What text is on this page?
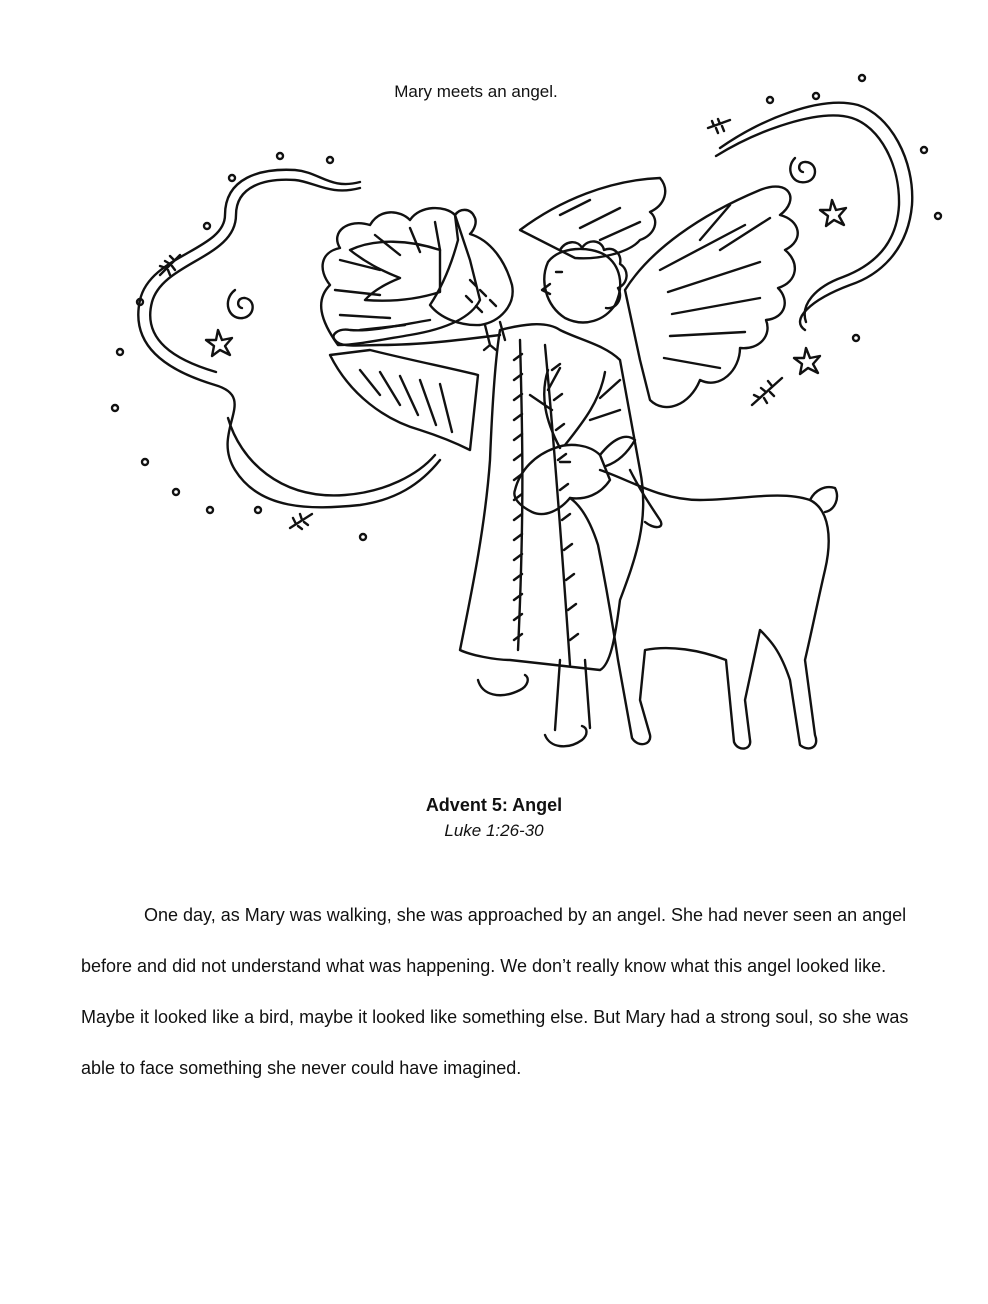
Mary meets an angel.
Advent 5: Angel
Luke 1:26-30

One day, as Mary was walking, she was approached by an angel. She had never seen an angel before and did not understand what was happening. We don’t really know what this angel looked like. Maybe it looked like a bird, maybe it looked like something else. But Mary had a strong soul, so she was able to face something she never could have imagined.
